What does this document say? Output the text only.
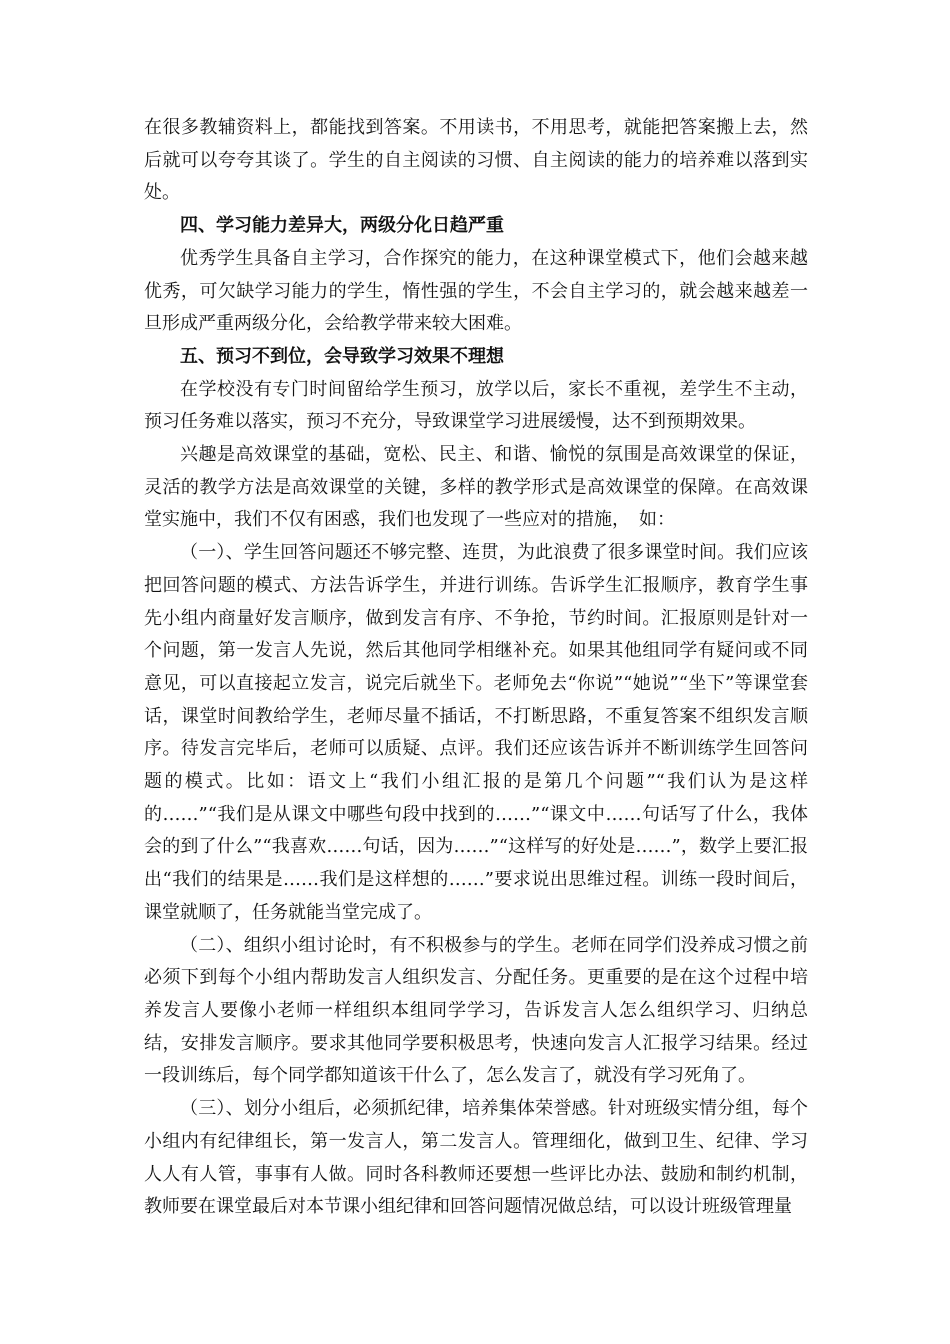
在很多教辅资料上，都能找到答案。不用读书，不用思考，就能把答案搬上去，然后就可以夸夸其谈了。学生的自主阅读的习惯、自主阅读的能力的培养难以落到实处。

四、学习能力差异大，两级分化日趋严重

优秀学生具备自主学习，合作探究的能力，在这种课堂模式下，他们会越来越优秀，可欠缺学习能力的学生，惰性强的学生，不会自主学习的，就会越来越差一旦形成严重两级分化，会给教学带来较大困难。

五、预习不到位，会导致学习效果不理想

在学校没有专门时间留给学生预习，放学以后，家长不重视，差学生不主动，预习任务难以落实，预习不充分，导致课堂学习进展缓慢，达不到预期效果。

兴趣是高效课堂的基础，宽松、民主、和谐、愉悦的氛围是高效课堂的保证，灵活的教学方法是高效课堂的关键，多样的教学形式是高效课堂的保障。在高效课堂实施中，我们不仅有困惑，我们也发现了一些应对的措施，　如：

（一）、学生回答问题还不够完整、连贯，为此浪费了很多课堂时间。我们应该把回答问题的模式、方法告诉学生，并进行训练。告诉学生汇报顺序，教育学生事先小组内商量好发言顺序，做到发言有序、不争抢，节约时间。汇报原则是针对一个问题，第一发言人先说，然后其他同学相继补充。如果其他组同学有疑问或不同意见，可以直接起立发言，说完后就坐下。老师免去“你说”“她说”“坐下”等课堂套话，课堂时间教给学生，老师尽量不插话，不打断思路，不重复答案不组织发言顺序。待发言完毕后，老师可以质疑、点评。我们还应该告诉并不断训练学生回答问题的模式。比如：语文上“我们小组汇报的是第几个问题”“我们认为是这样的……”“我们是从课文中哪些句段中找到的……”“课文中……句话写了什么，我体会的到了什么”“我喜欢……句话，因为……”“这样写的好处是……”，数学上要汇报出“我们的结果是……我们是这样想的……”要求说出思维过程。训练一段时间后，课堂就顺了，任务就能当堂完成了。

（二）、组织小组讨论时，有不积极参与的学生。老师在同学们没养成习惯之前必须下到每个小组内帮助发言人组织发言、分配任务。更重要的是在这个过程中培养发言人要像小老师一样组织本组同学学习，告诉发言人怎么组织学习、归纳总结，安排发言顺序。要求其他同学要积极思考，快速向发言人汇报学习结果。经过一段训练后，每个同学都知道该干什么了，怎么发言了，就没有学习死角了。

（三）、划分小组后，必须抓纪律，培养集体荣誉感。针对班级实情分组，每个小组内有纪律组长，第一发言人，第二发言人。管理细化，做到卫生、纪律、学习人人有人管，事事有人做。同时各科教师还要想一些评比办法、鼓励和制约机制，教师要在课堂最后对本节课小组纪律和回答问题情况做总结，可以设计班级管理量
